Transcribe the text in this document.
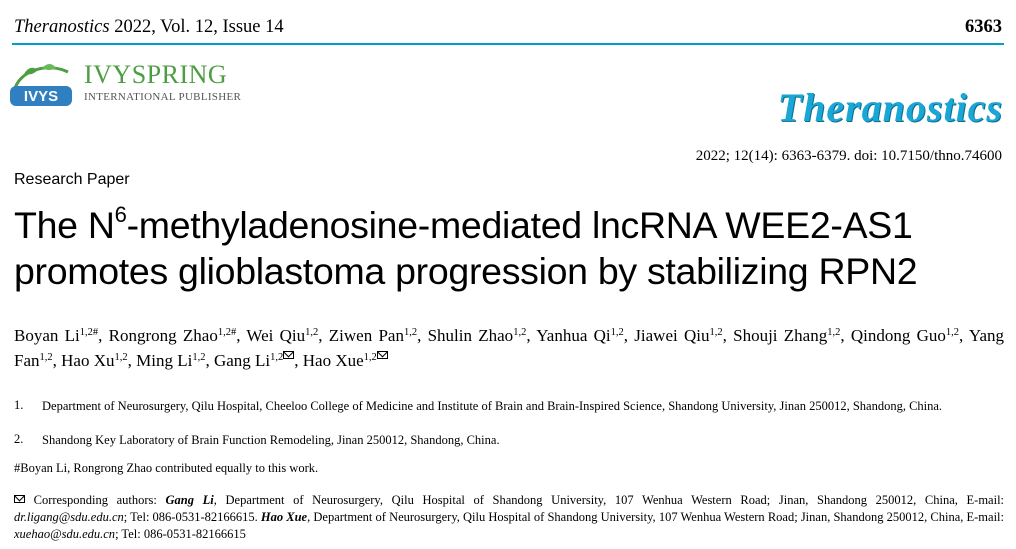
Theranostics 2022, Vol. 12, Issue 14	6363
IVYS
IVYSPRING
INTERNATIONAL PUBLISHER	Theranostics
2022; 12(14): 6363-6379. doi: 10.7150/thno.74600
Research Paper
The $N^6-methyladenosine$-mediated lncRNA WEE2-AS1 promotes glioblastoma progression by stabilizing RPN2
Boyan $Li^{1,2\#}$, Rongrong Zhao$^{1,2\#}$, Wei Qiu$^{1,2}$, Ziwen Pan$^{1,2}$, Shulin Zhao$^{1,2}$, Yanhua Qi$^{1,2}$, Jiawei Qiu$^{1,2}$, Shouji Zhang$^{1,2}$, Qindong Guo$^{1,2}$, Yang Fan$^{1,2}$, Hao Xu$^{1,2}$, Ming Li$^{1,2}$, Gang Li$^{1,2}$ , Hao Xue$^{1,2}$
1. Department of Neurosurgery, Qilu Hospital, Cheeloo College of Medicine and Institute of Brain and Brain-Inspired Science, Shandong University, Jinan 250012, Shandong, China.
2. Shandong Key Laboratory of Brain Function Remodeling, Jinan 250012, Shandong, China.
#Boyan Li, Rongrong Zhao contributed equally to this work.
Corresponding authors: Gang Li, Department of Neurosurgery, Qilu Hospital of Shandong University, 107 Wenhua Western Road; Jinan, Shandong 250012, China, E-mail: dr.ligang@sdu.edu.cn; Tel: 086-0531-82166615. Hao Xue, Department of Neurosurgery, Qilu Hospital of Shandong University, 107 Wenhua Western Road; Jinan, Shandong 250012, China, E-mail: xuehao@sdu.edu.cn; Tel: 086-0531-82166615
